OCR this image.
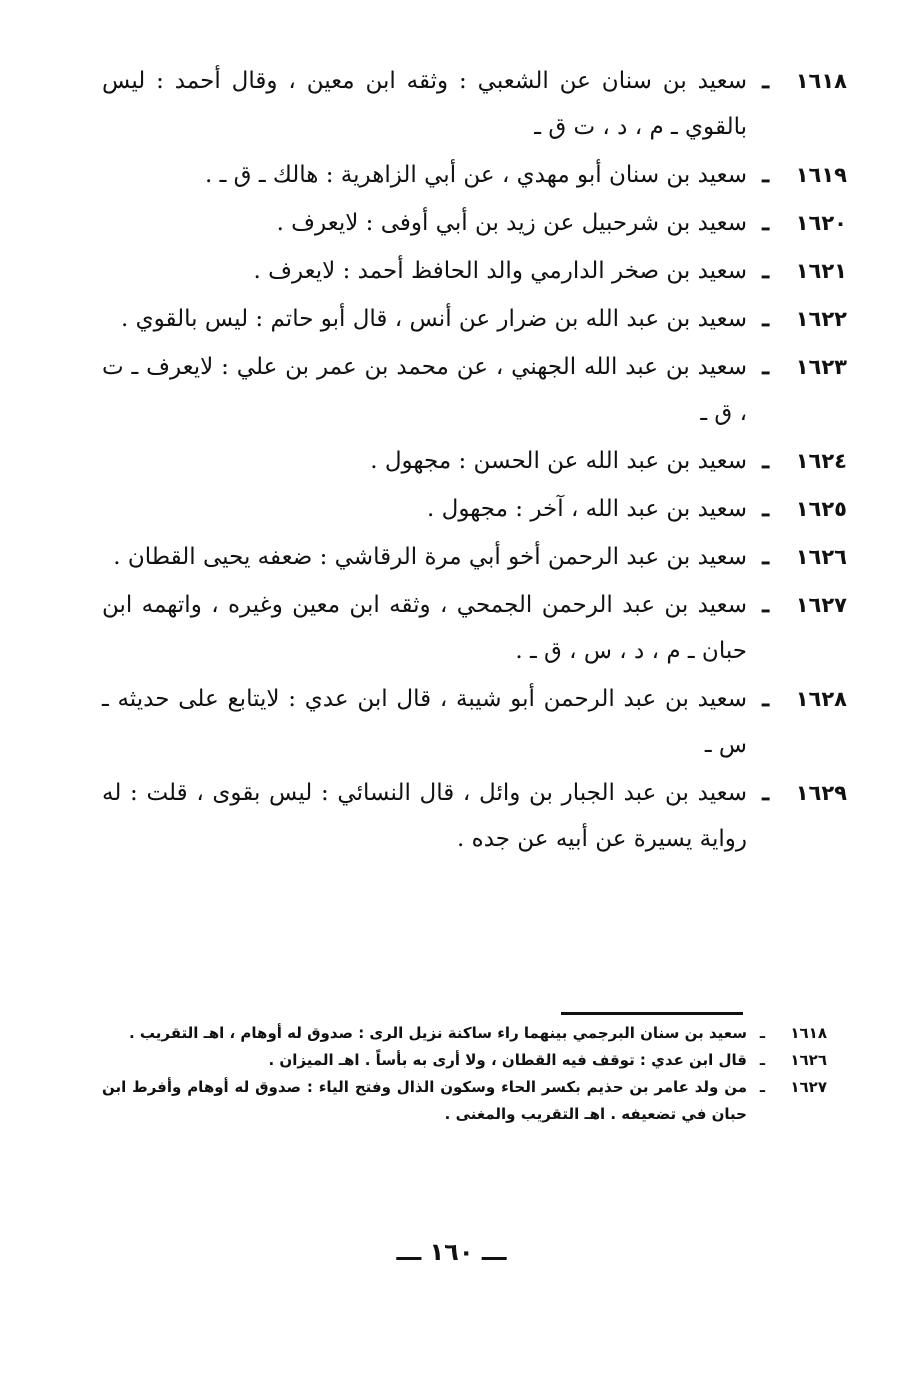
١٦١٨
ـ
سعيد بن سنان عن الشعبي : وثقه ابن معين ، وقال أحمد : ليس بالقوي ـ م ، د ، ت ق ـ
١٦١٩
ـ
سعيد بن سنان أبو مهدي ، عن أبي الزاهرية : هالك ـ ق ـ .
١٦٢٠
ـ
سعيد بن شرحبيل عن زيد بن أبي أوفى : لايعرف .
١٦٢١
ـ
سعيد بن صخر الدارمي والد الحافظ أحمد : لايعرف .
١٦٢٢
ـ
سعيد بن عبد الله بن ضرار عن أنس ، قال أبو حاتم : ليس بالقوي .
١٦٢٣
ـ
سعيد بن عبد الله الجهني ، عن محمد بن عمر بن علي : لايعرف ـ ت ، ق ـ
١٦٢٤
ـ
سعيد بن عبد الله عن الحسن : مجهول .
١٦٢٥
ـ
سعيد بن عبد الله ، آخر : مجهول .
١٦٢٦
ـ
سعيد بن عبد الرحمن أخو أبي مرة الرقاشي : ضعفه يحيى القطان .
١٦٢٧
ـ
سعيد بن عبد الرحمن الجمحي ، وثقه ابن معين وغيره ، واتهمه ابن حبان ـ م ، د ، س ، ق ـ .
١٦٢٨
ـ
سعيد بن عبد الرحمن أبو شيبة ، قال ابن عدي : لايتابع على حديثه ـ س ـ
١٦٢٩
ـ
سعيد بن عبد الجبار بن وائل ، قال النسائي : ليس بقوى ، قلت : له رواية يسيرة عن أبيه عن جده .
١٦١٨
ـ
سعيد بن سنان البرجمي بينهما راء ساكنة نزيل الرى : صدوق له أوهام ، اهـ التقريب .
١٦٢٦
ـ
قال ابن عدي : توقف فيه القطان ، ولا أرى به بأساً . اهـ الميزان .
١٦٢٧
ـ
من ولد عامر بن حذيم بكسر الحاء وسكون الذال وفتح الياء : صدوق له أوهام وأفرط ابن حبان في تضعيفه . اهـ التقريب والمغنى .
ـــ ١٦٠ ـــ
